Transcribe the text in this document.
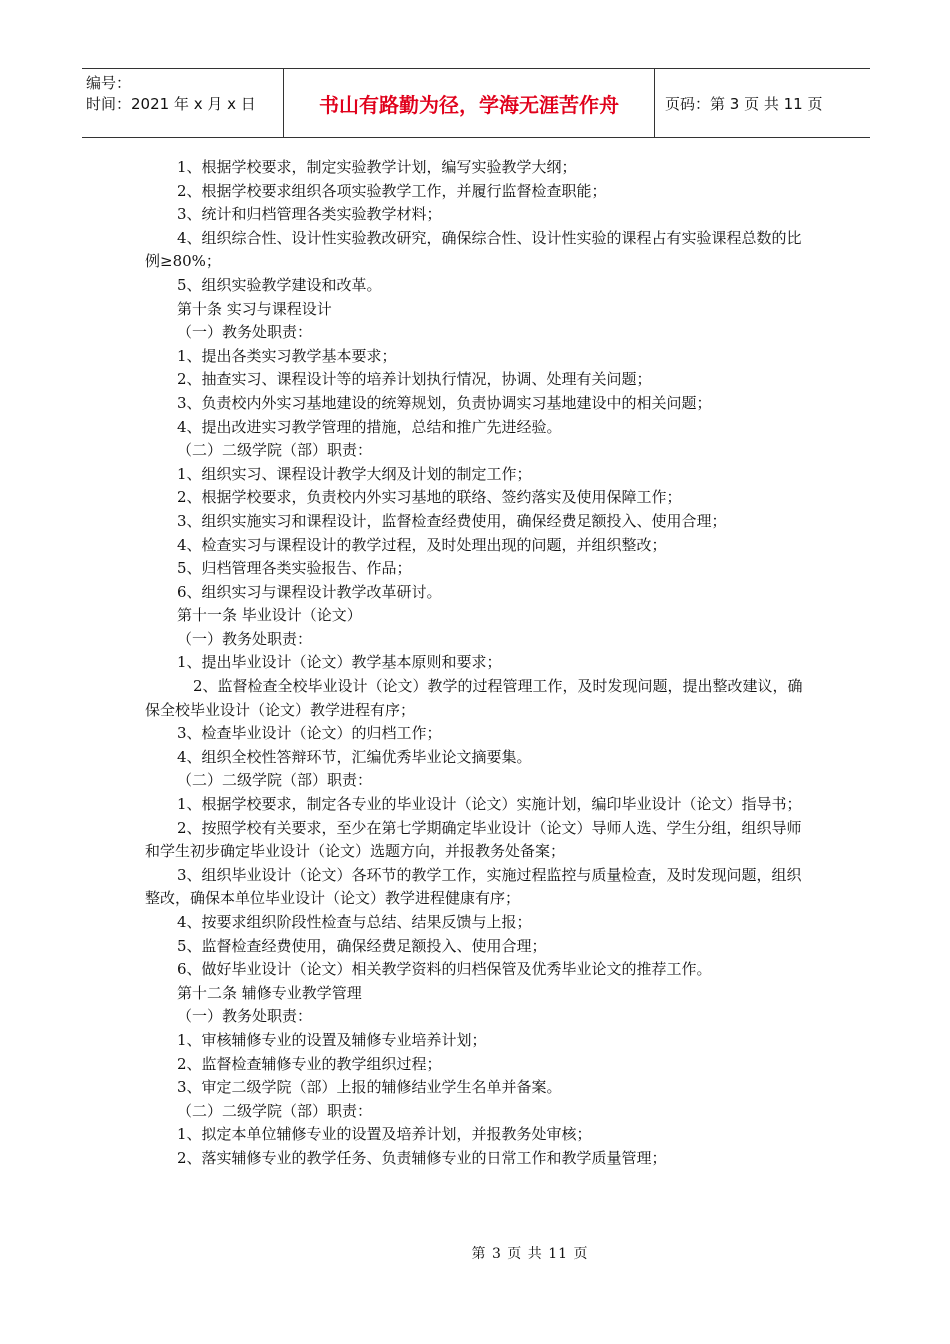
编号：
时间：2021 年 x 月 x 日	书山有路勤为径，学海无涯苦作舟	页码：第 3 页 共 11 页

1、根据学校要求，制定实验教学计划，编写实验教学大纲；

2、根据学校要求组织各项实验教学工作，并履行监督检查职能；

3、统计和归档管理各类实验教学材料；

4、组织综合性、设计性实验教改研究，确保综合性、设计性实验的课程占有实验课程总数的比例≥80%；

5、组织实验教学建设和改革。

第十条 实习与课程设计

（一）教务处职责：

1、提出各类实习教学基本要求；

2、抽查实习、课程设计等的培养计划执行情况，协调、处理有关问题；

3、负责校内外实习基地建设的统筹规划，负责协调实习基地建设中的相关问题；

4、提出改进实习教学管理的措施，总结和推广先进经验。

（二）二级学院（部）职责：

1、组织实习、课程设计教学大纲及计划的制定工作；

2、根据学校要求，负责校内外实习基地的联络、签约落实及使用保障工作；

3、组织实施实习和课程设计，监督检查经费使用，确保经费足额投入、使用合理；

4、检查实习与课程设计的教学过程，及时处理出现的问题，并组织整改；

5、归档管理各类实验报告、作品；

6、组织实习与课程设计教学改革研讨。

第十一条 毕业设计（论文）

（一）教务处职责：

1、提出毕业设计（论文）教学基本原则和要求；

2、监督检查全校毕业设计（论文）教学的过程管理工作，及时发现问题，提出整改建议，确保全校毕业设计（论文）教学进程有序；

3、检查毕业设计（论文）的归档工作；

4、组织全校性答辩环节，汇编优秀毕业论文摘要集。

（二）二级学院（部）职责：

1、根据学校要求，制定各专业的毕业设计（论文）实施计划，编印毕业设计（论文）指导书；

2、按照学校有关要求，至少在第七学期确定毕业设计（论文）导师人选、学生分组，组织导师和学生初步确定毕业设计（论文）选题方向，并报教务处备案；

3、组织毕业设计（论文）各环节的教学工作，实施过程监控与质量检查，及时发现问题，组织整改，确保本单位毕业设计（论文）教学进程健康有序；

4、按要求组织阶段性检查与总结、结果反馈与上报；

5、监督检查经费使用，确保经费足额投入、使用合理；

6、做好毕业设计（论文）相关教学资料的归档保管及优秀毕业论文的推荐工作。

第十二条 辅修专业教学管理

（一）教务处职责：

1、审核辅修专业的设置及辅修专业培养计划；

2、监督检查辅修专业的教学组织过程；

3、审定二级学院（部）上报的辅修结业学生名单并备案。

（二）二级学院（部）职责：

1、拟定本单位辅修专业的设置及培养计划，并报教务处审核；

2、落实辅修专业的教学任务、负责辅修专业的日常工作和教学质量管理；

第 3 页 共 11 页
